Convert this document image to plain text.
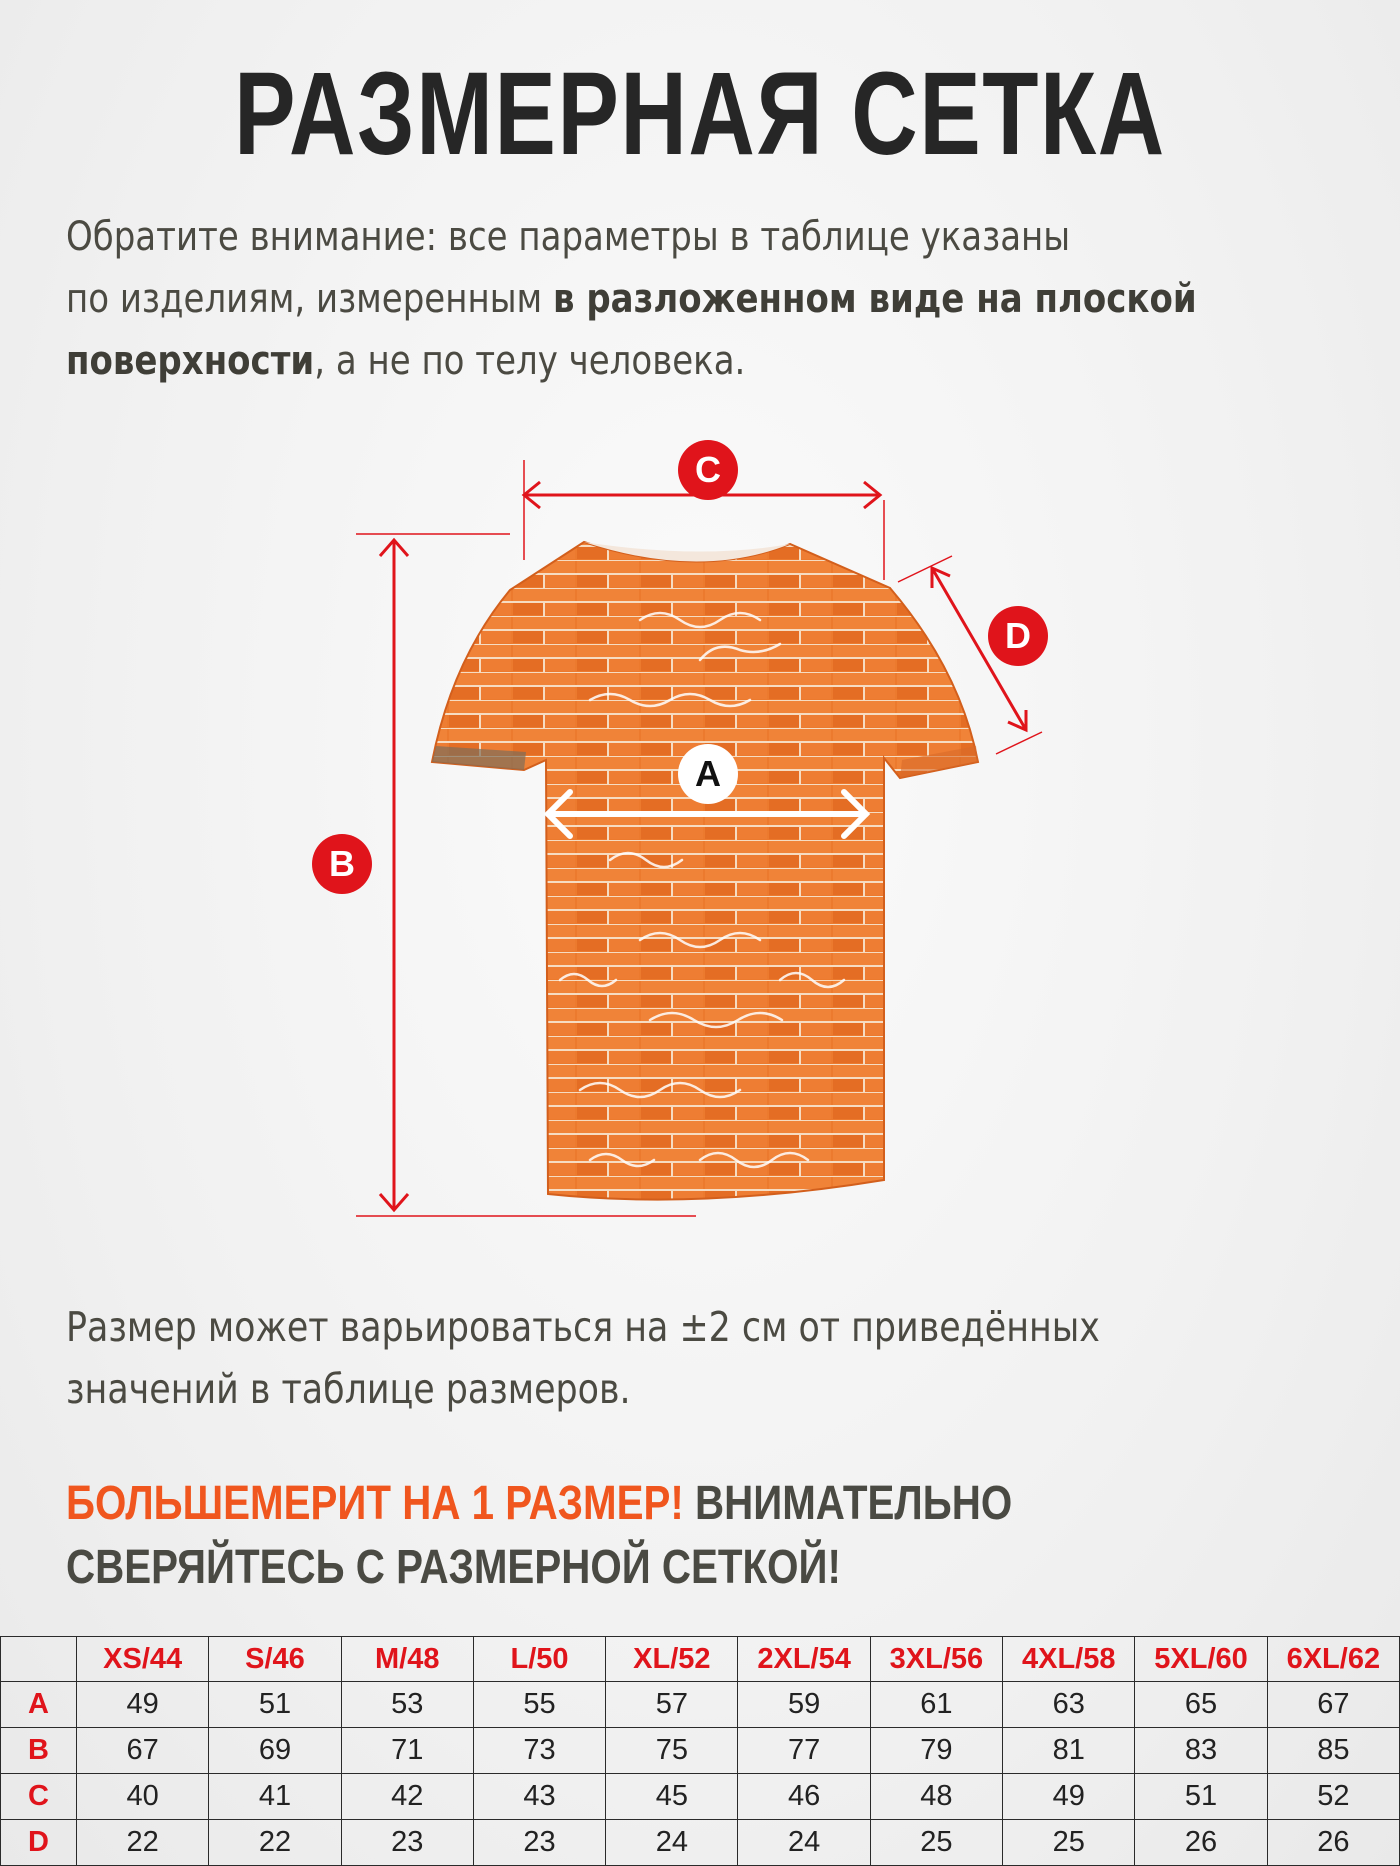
РАЗМЕРНАЯ СЕТКА
Обратите внимание: все параметры в таблице указаны
по изделиям, измеренным в разложенном виде на плоской поверхности, а не по телу человека.
C
D
B
A
Размер может варьироваться на ±2 см от приведённых
значений в таблице размеров.
БОЛЬШЕМЕРИТ НА 1 РАЗМЕР! ВНИМАТЕЛЬНО
СВЕРЯЙТЕСЬ С РАЗМЕРНОЙ СЕТКОЙ!
	XS/44	S/46	M/48	L/50	XL/52	2XL/54	3XL/56	4XL/58	5XL/60	6XL/62
A	49	51	53	55	57	59	61	63	65	67
B	67	69	71	73	75	77	79	81	83	85
C	40	41	42	43	45	46	48	49	51	52
D	22	22	23	23	24	24	25	25	26	26
